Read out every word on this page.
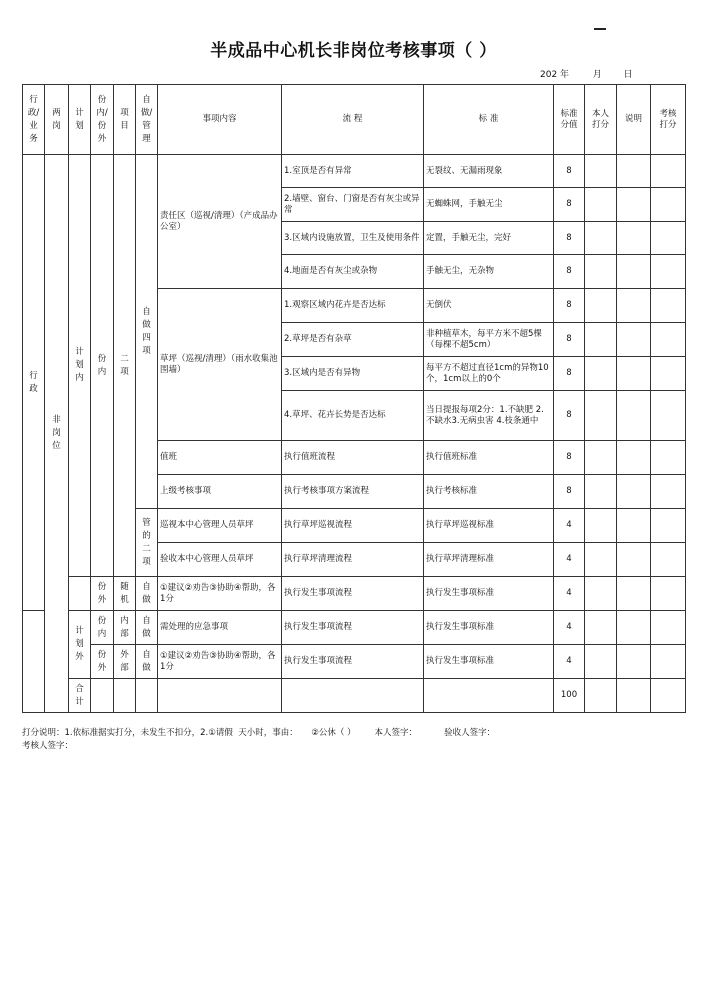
半成品中心机长非岗位考核事项（ ）
202 年	月 日
行政/业务	两岗	计划	份内/份外	项目	自做/管理	事项内容	流 程	标 准	标准分值	本人打分	说明	考核打分
行政	非岗位	计划内	份内	二项	自做四项	责任区（巡视/清理）（产成品办公室）	1.室顶是否有异常	无裂纹、无漏雨现象	8			
							2.墙壁、窗台、门窗是否有灰尘或异常	无蜘蛛网，手触无尘	8			
							3.区域内设施放置，卫生及使用条件	定置，手触无尘，完好	8			
							4.地面是否有灰尘或杂物	手触无尘，无杂物	8			
						草坪（巡视/清理）（雨水收集池围墙）	1.观察区域内花卉是否达标	无倒伏	8			
							2.草坪是否有杂草	非种植草木，每平方米不超5棵（每棵不超5cm）	8			
							3.区域内是否有异物	每平方不超过直径1cm的异物10个，1cm以上的0个	8			
							4.草坪、花卉长势是否达标	当日提报每项2分：1.不缺肥 2.不缺水3.无病虫害 4.枝条通中	8			
						值班	执行值班流程	执行值班标准	8			
						上级考核事项	执行考核事项方案流程	执行考核标准	8			
					管的二项	巡视本中心管理人员草坪	执行草坪巡视流程	执行草坪巡视标准	4			
						验收本中心管理人员草坪	执行草坪清理流程	执行草坪清理标准	4			
			份外	随机	自做	①建议②劝告③协助④帮助，各1分	执行发生事项流程	执行发生事项标准	4			
		计划外	份内	内部	自做	需处理的应急事项	执行发生事项流程	执行发生事项标准	4			
			份外	外部	自做	①建议②劝告③协助④帮助，各1分	执行发生事项流程	执行发生事项标准	4			
		合计							100			
打分说明：1.依标准据实打分，未发生不扣分，2.①请假  天小时，事由： ②公休（ ） 本人签字：	验收人签字：
考核人签字：
